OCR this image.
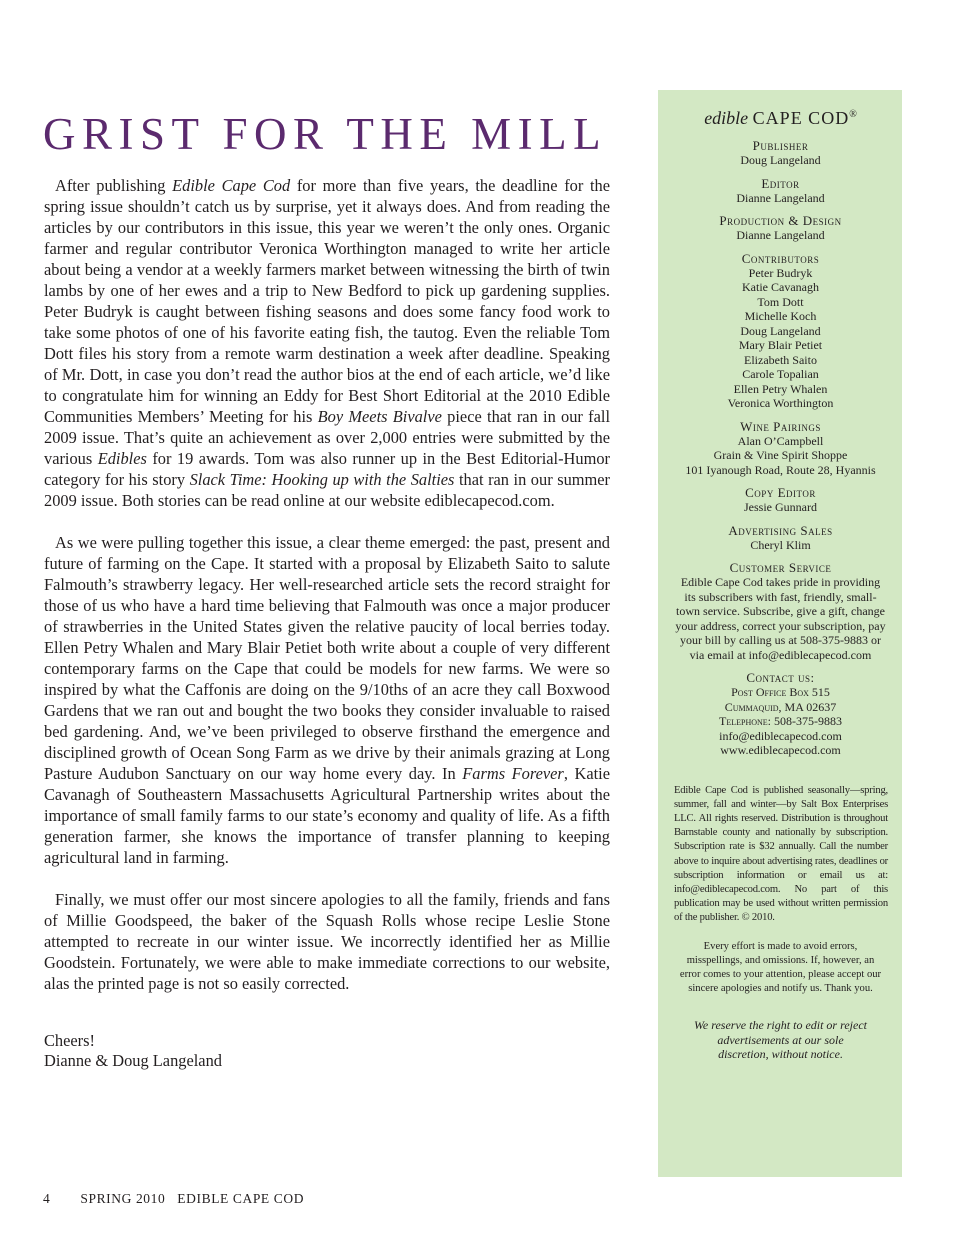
GRIST FOR THE MILL

After publishing Edible Cape Cod for more than five years, the deadline for the spring issue shouldn’t catch us by surprise, yet it always does. And from reading the articles by our contributors in this issue, this year we weren’t the only ones. Organic farmer and regular contributor Veronica Worthington managed to write her article about being a vendor at a weekly farmers market between witnessing the birth of twin lambs by one of her ewes and a trip to New Bedford to pick up gardening supplies. Peter Budryk is caught between fishing seasons and does some fancy food work to take some photos of one of his favorite eating fish, the tautog. Even the reliable Tom Dott files his story from a remote warm destination a week after deadline. Speaking of Mr. Dott, in case you don’t read the author bios at the end of each article, we’d like to congratulate him for winning an Eddy for Best Short Editorial at the 2010 Edible Communities Members’ Meeting for his Boy Meets Bivalve piece that ran in our fall 2009 issue. That’s quite an achievement as over 2,000 entries were submitted by the various Edibles for 19 awards. Tom was also runner up in the Best Editorial-Humor category for his story Slack Time: Hooking up with the Salties that ran in our summer 2009 issue. Both stories can be read online at our website ediblecapecod.com.

As we were pulling together this issue, a clear theme emerged: the past, present and future of farming on the Cape. It started with a proposal by Elizabeth Saito to salute Falmouth’s strawberry legacy. Her well-researched article sets the record straight for those of us who have a hard time believing that Falmouth was once a major producer of strawberries in the United States given the relative paucity of local berries today. Ellen Petry Whalen and Mary Blair Petiet both write about a couple of very different contemporary farms on the Cape that could be models for new farms. We were so inspired by what the Caffonis are doing on the 9/10ths of an acre they call Boxwood Gardens that we ran out and bought the two books they consider invaluable to raised bed gardening. And, we’ve been privileged to observe firsthand the emergence and disciplined growth of Ocean Song Farm as we drive by their animals grazing at Long Pasture Audubon Sanctuary on our way home every day. In Farms Forever, Katie Cavanagh of Southeastern Massachusetts Agricultural Partnership writes about the importance of small family farms to our state’s economy and quality of life. As a fifth generation farmer, she knows the importance of transfer planning to keeping agricultural land in farming.

Finally, we must offer our most sincere apologies to all the family, friends and fans of Millie Goodspeed, the baker of the Squash Rolls whose recipe Leslie Stone attempted to recreate in our winter issue. We incorrectly identified her as Millie Goodstein. Fortunately, we were able to make immediate corrections to our website, alas the printed page is not so easily corrected.

Cheers!
Dianne & Doug Langeland
4 SPRING 2010 EDIBLE CAPE COD
edible CAPE COD®
Publisher
Doug Langeland
Editor
Dianne Langeland
Production & Design
Dianne Langeland
Contributors
Peter Budryk
Katie Cavanagh
Tom Dott
Michelle Koch
Doug Langeland
Mary Blair Petiet
Elizabeth Saito
Carole Topalian
Ellen Petry Whalen
Veronica Worthington
Wine Pairings
Alan O’Campbell
Grain & Vine Spirit Shoppe
101 Iyanough Road, Route 28, Hyannis
Copy Editor
Jessie Gunnard
Advertising Sales
Cheryl Klim
Customer Service
Edible Cape Cod takes pride in providing its subscribers with fast, friendly, small-town service. Subscribe, give a gift, change your address, correct your subscription, pay your bill by calling us at 508-375-9883 or via email at info@ediblecapecod.com
Contact us:
Post Office Box 515
Cummaquid, MA 02637
Telephone: 508-375-9883
info@ediblecapecod.com
www.ediblecapecod.com
Edible Cape Cod is published seasonally—spring, summer, fall and winter—by Salt Box Enterprises LLC. All rights reserved. Distribution is throughout Barnstable county and nationally by subscription. Subscription rate is $32 annually. Call the number above to inquire about advertising rates, deadlines or subscription information or email us at: info@ediblecapecod.com. No part of this publication may be used without written permission of the publisher. © 2010.
Every effort is made to avoid errors, misspellings, and omissions. If, however, an error comes to your attention, please accept our sincere apologies and notify us. Thank you.
We reserve the right to edit or reject advertisements at our sole discretion, without notice.
